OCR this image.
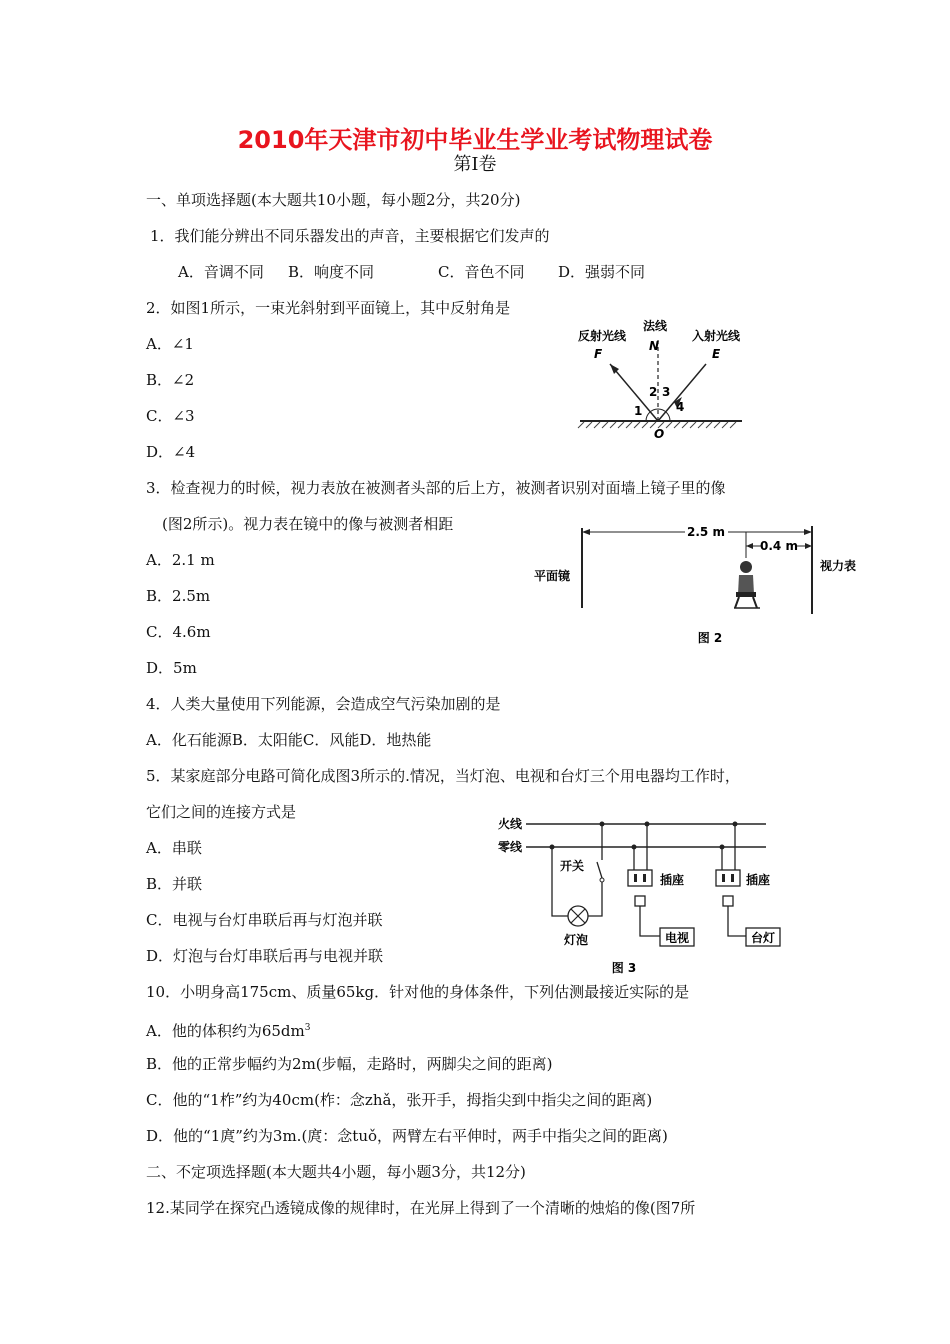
2010年天津市初中毕业生学业考试物理试卷
第Ⅰ卷
一、单项选择题(本大题共10小题，每小题2分，共20分)
1．我们能分辨出不同乐器发出的声音，主要根据它们发声的
A．音调不同 B．响度不同	C．音色不同 D．强弱不同
2．如图1所示，一束光斜射到平面镜上，其中反射角是
A．∠1
B．∠2
C．∠3
D．∠4
法线
N
反射光线
F
入射光线
E
1
2 3
4
O
3．检查视力的时候，视力表放在被测者头部的后上方，被测者识别对面墙上镜子里的像
(图2所示)。视力表在镜中的像与被测者相距
A．2.1 m
B．2.5m
C．4.6m
D．5m
2.5 m
0.4 m
平面镜
视力表
图 2
4．人类大量使用下列能源，会造成空气污染加剧的是
A．化石能源B．太阳能C．风能D．地热能
5．某家庭部分电路可简化成图3所示的.情况，当灯泡、电视和台灯三个用电器均工作时，
它们之间的连接方式是
A．串联
B．并联
C．电视与台灯串联后再与灯泡并联
D．灯泡与台灯串联后再与电视并联
火线
零线
开关
灯泡
插座
电视
插座
台灯
图 3
10．小明身高175cm、质量65kg．针对他的身体条件，下列估测最接近实际的是
A．他的体积约为$65dm^3$
B．他的正常步幅约为2m(步幅，走路时，两脚尖之间的距离)
C．他的“1柞”约为40cm(柞：念zhǎ，张开手，拇指尖到中指尖之间的距离)
D．他的“1庹”约为3m.(庹：念tuǒ，两臂左右平伸时，两手中指尖之间的距离)
二、不定项选择题(本大题共4小题，每小题3分，共12分)
12.某同学在探究凸透镜成像的规律时，在光屏上得到了一个清晰的烛焰的像(图7所
